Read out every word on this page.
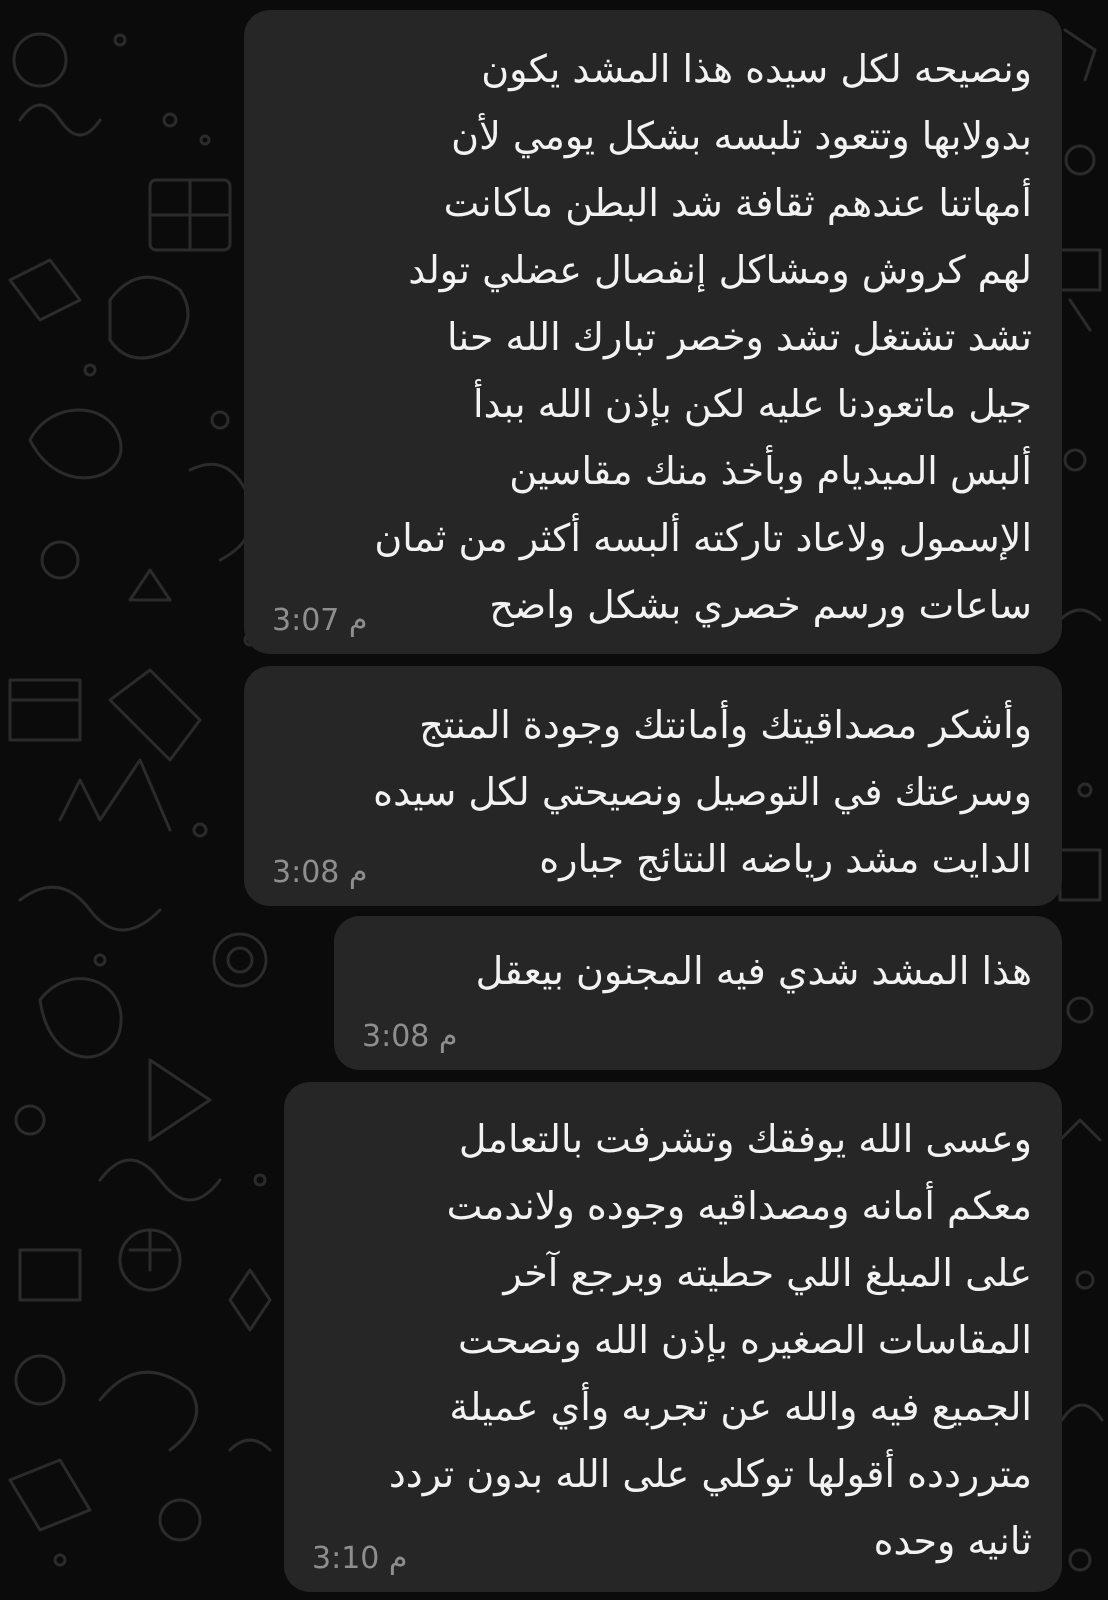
ونصيحه لكل سيده هذا المشد يكون
بدولابها وتتعود تلبسه بشكل يومي لأن
أمهاتنا عندهم ثقافة شد البطن ماكانت
لهم كروش ومشاكل إنفصال عضلي تولد
تشد تشتغل تشد وخصر تبارك الله حنا
جيل ماتعودنا عليه لكن بإذن الله ببدأ
ألبس الميديام وبأخذ منك مقاسين
الإسمول ولاعاد تاركته ألبسه أكثر من ثمان
ساعات ورسم خصري بشكل واضح
3:07 م
وأشكر مصداقيتك وأمانتك وجودة المنتج
وسرعتك في التوصيل ونصيحتي لكل سيده
الدايت مشد رياضه النتائج جباره
3:08 م
هذا المشد شدي فيه المجنون بيعقل
3:08 م
وعسى الله يوفقك وتشرفت بالتعامل
معكم أمانه ومصداقيه وجوده ولاندمت
على المبلغ اللي حطيته وبرجع آخر
المقاسات الصغيره بإذن الله ونصحت
الجميع فيه والله عن تجربه وأي عميلة
مترردده أقولها توكلي على الله بدون تردد
ثانيه وحده
3:10 م
